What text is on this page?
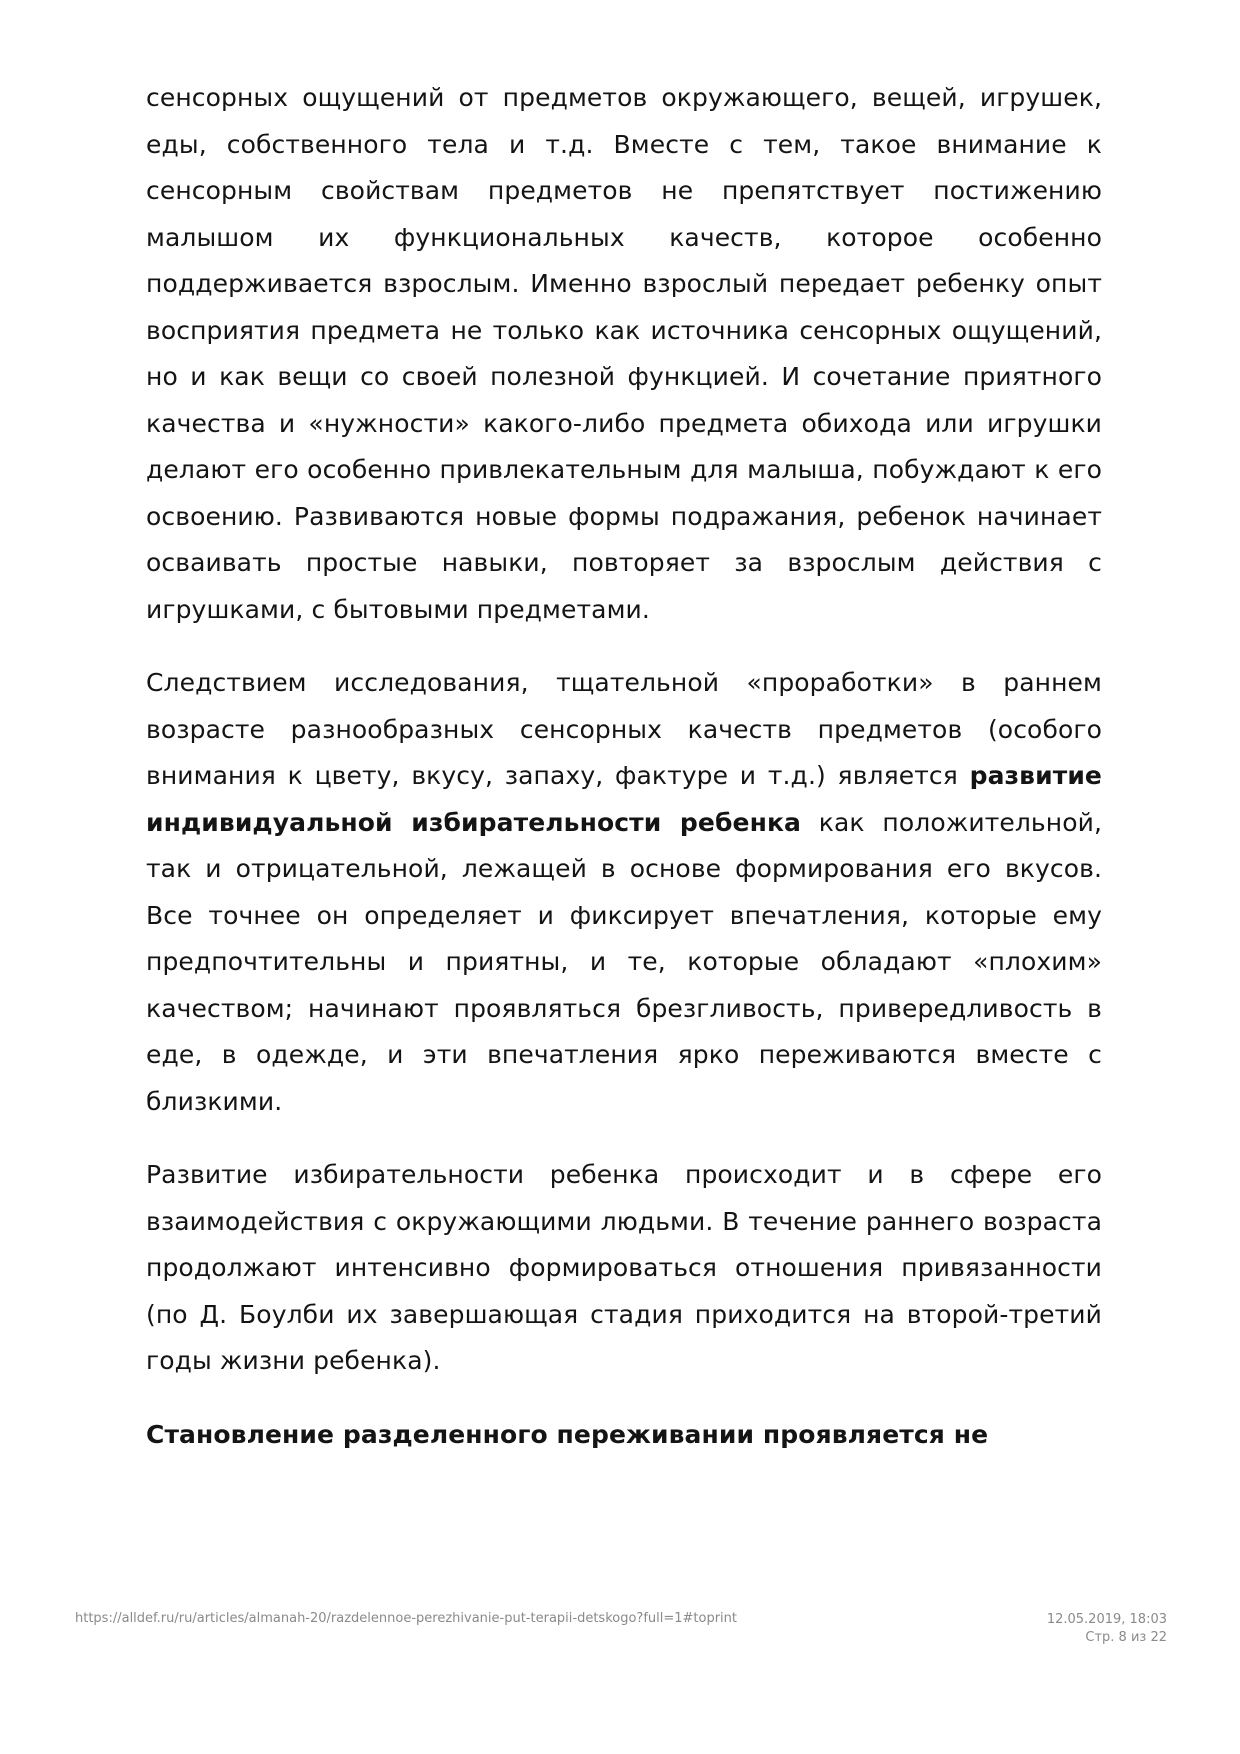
сенсорных ощущений от предметов окружающего, вещей, игрушек, еды, собственного тела и т.д. Вместе с тем, такое внимание к сенсорным свойствам предметов не препятствует постижению малышом их функциональных качеств, которое особенно поддерживается взрослым. Именно взрослый передает ребенку опыт восприятия предмета не только как источника сенсорных ощущений, но и как вещи со своей полезной функцией. И сочетание приятного качества и «нужности» какого-либо предмета обихода или игрушки делают его особенно привлекательным для малыша, побуждают к его освоению. Развиваются новые формы подражания, ребенок начинает осваивать простые навыки, повторяет за взрослым действия с игрушками, с бытовыми предметами.

Следствием исследования, тщательной «проработки» в раннем возрасте разнообразных сенсорных качеств предметов (особого внимания к цвету, вкусу, запаху, фактуре и т.д.) является развитие индивидуальной избирательности ребенка как положительной, так и отрицательной, лежащей в основе формирования его вкусов. Все точнее он определяет и фиксирует впечатления, которые ему предпочтительны и приятны, и те, которые обладают «плохим» качеством; начинают проявляться брезгливость, привередливость в еде, в одежде, и эти впечатления ярко переживаются вместе с близкими.

Развитие избирательности ребенка происходит и в сфере его взаимодействия с окружающими людьми. В течение раннего возраста продолжают интенсивно формироваться отношения привязанности (по Д. Боулби их завершающая стадия приходится на второй-третий годы жизни ребенка).

Становление разделенного переживании проявляется не

https://alldef.ru/ru/articles/almanah-20/razdelennoe-perezhivanie-put-terapii-detskogo?full=1#toprint	12.05.2019, 18:03
Стр. 8 из 22
